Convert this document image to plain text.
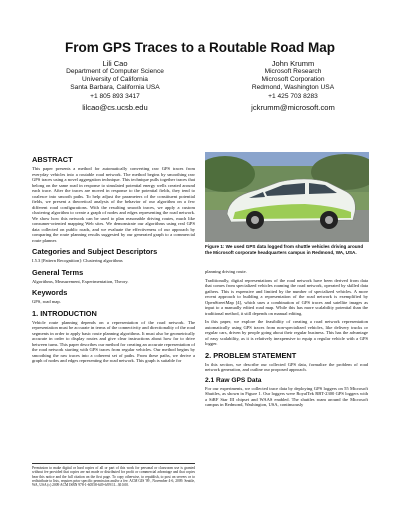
From GPS Traces to a Routable Road Map
Lili Cao
Department of Computer Science
University of California
Santa Barbara, California USA
+1 805 893 3417
lilcao@cs.ucsb.edu
John Krumm
Microsoft Research
Microsoft Corporation
Redmond, Washington USA
+1 425 703 8283
jckrumm@microsoft.com
ABSTRACT

This paper presents a method for automatically converting raw GPS traces from everyday vehicles into a routable road network. The method begins by smoothing raw GPS traces using a novel aggregation technique. This technique pulls together traces that belong on the same road in response to simulated potential energy wells created around each trace. After the traces are moved in response to the potential fields, they tend to coalesce into smooth paths. To help adjust the parameters of the constituent potential fields, we present a theoretical analysis of the behavior of our algorithm on a few different road configurations. With the resulting smooth traces, we apply a custom clustering algorithm to create a graph of nodes and edges representing the road network. We show how this network can be used to plan reasonable driving routes, much like consumer-oriented mapping Web sites. We demonstrate our algorithms using real GPS data collected on public roads, and we evaluate the effectiveness of our approach by comparing the route planning results suggested by our generated graph to a commercial route planner.

Categories and Subject Descriptors

I.5.3 [Pattern Recognition]: Clustering algorithms

General Terms

Algorithms, Measurement, Experimentation, Theory.

Keywords

GPS, road map.

1. INTRODUCTION

Vehicle route planning depends on a representation of the road network. The representation must be accurate in terms of the connectivity and directionality of the road segments in order to apply basic route planning algorithms. It must also be geometrically accurate in order to display routes and give clear instructions about how far to drive between turns. This paper describes our method for creating an accurate representation of the road network starting with GPS traces from regular vehicles. Our method begins by smoothing the raw traces into a coherent set of paths. From these paths, we derive a graph of nodes and edges representing the road network. This graph is suitable for

Permission to make digital or hard copies of all or part of this work for personal or classroom use is granted without fee provided that copies are not made or distributed for profit or commercial advantage and that copies bear this notice and the full citation on the first page. To copy otherwise, to republish, to post on servers or to redistribute to lists, requires prior specific permission and/or a fee. ACM GIS '09 , November 4-6, 2009. Seattle, WA, USA (c) 2009 ACM ISBN 978-1-60558-649-6/09/11...$10.00.
Figure 1: We used GPS data logged from shuttle vehicles driving around the Microsoft corporate headquarters campus in Redmond, WA, USA.

planning driving route.

Traditionally, digital representations of the road network have been derived from data that comes from specialized vehicles roaming the road network, operated by skilled data gathers. This is expensive and limited by the number of specialized vehicles. A more recent approach to building a representation of the road network is exemplified by OpenStreetMap [4], which uses a combination of GPS traces and satellite images as input to a manually edited road map. While this has more scalability potential than the traditional method, it still depends on manual editing.

In this paper, we explore the feasibility of creating a road network representation automatically using GPS traces from non-specialized vehicles, like delivery trucks or regular cars, driven by people going about their regular business. This has the advantage of easy scalability, as it is relatively inexpensive to equip a regular vehicle with a GPS logger.

2. PROBLEM STATEMENT

In this section, we describe our collected GPS data, formalize the problem of road network generation, and outline our proposed approach.

2.1 Raw GPS Data

For our experiments, we collected trace data by deploying GPS loggers on 55 Microsoft Shuttles, as shown in Figure 1. Our loggers were RoyalTek RBT-2300 GPS loggers with a SiRF Star III chipset and WAAS enabled. The shuttles roam around the Microsoft campus in Redmond, Washington, USA, continuously
